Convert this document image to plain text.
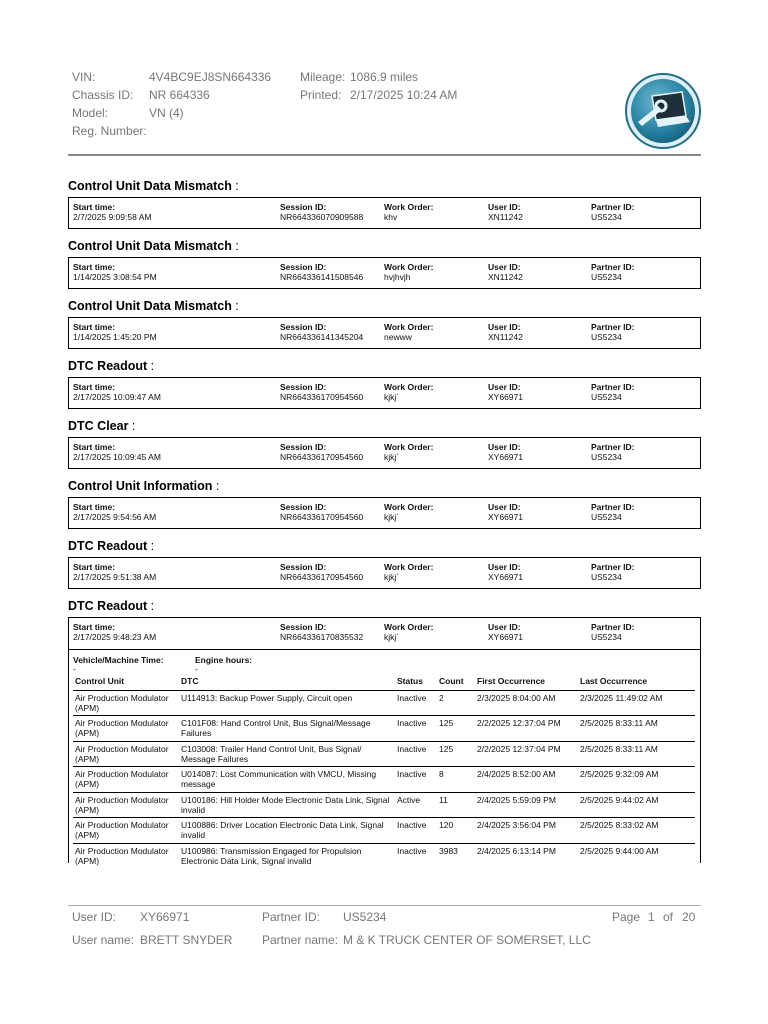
VIN:	4V4BC9EJ8SN664336 Mileage: 1086.9 miles
Chassis ID: NR 664336	Printed: 2/17/2025 10:24 AM
Model:	VN (4)
Reg. Number:
Control Unit Data Mismatch :
Start time:
2/7/2025 9:09:58 AM
Session ID:
NR664336070909588
Work Order:
khv
User ID:
XN11242
Partner ID:
US5234
Control Unit Data Mismatch :
Start time:
1/14/2025 3:08:54 PM
Session ID:
NR664336141508546
Work Order:
hvjhvjh
User ID:
XN11242
Partner ID:
US5234
Control Unit Data Mismatch :
Start time:
1/14/2025 1:45:20 PM
Session ID:
NR664336141345204
Work Order:
newww
User ID:
XN11242
Partner ID:
US5234
DTC Readout :
Start time:
2/17/2025 10:09:47 AM
Session ID:
NR664336170954560
Work Order:
kjkj`
User ID:
XY66971
Partner ID:
US5234
DTC Clear :
Start time:
2/17/2025 10:09:45 AM
Session ID:
NR664336170954560
Work Order:
kjkj`
User ID:
XY66971
Partner ID:
US5234
Control Unit Information :
Start time:
2/17/2025 9:54:56 AM
Session ID:
NR664336170954560
Work Order:
kjkj`
User ID:
XY66971
Partner ID:
US5234
DTC Readout :
Start time:
2/17/2025 9:51:38 AM
Session ID:
NR664336170954560
Work Order:
kjkj`
User ID:
XY66971
Partner ID:
US5234
DTC Readout :
Start time:
2/17/2025 9:48:23 AM
Session ID:
NR664336170835532
Work Order:
kjkj`
User ID:
XY66971
Partner ID:
US5234
Vehicle/Machine Time:
-
Engine hours:
-
Control Unit	DTC	Status	Count	First Occurrence	Last Occurrence
Air Production Modulator (APM)	U114913: Backup Power Supply, Circuit open	Inactive	2	2/3/2025 8:04:00 AM	2/3/2025 11:49:02 AM
Air Production Modulator (APM)	C101F08: Hand Control Unit, Bus Signal/Message Failures	Inactive	125	2/2/2025 12:37:04 PM	2/5/2025 8:33:11 AM
Air Production Modulator (APM)	C103008: Trailer Hand Control Unit, Bus Signal/ Message Failures	Inactive	125	2/2/2025 12:37:04 PM	2/5/2025 8:33:11 AM
Air Production Modulator (APM)	U014087: Lost Communication with VMCU, Missing message	Inactive	8	2/4/2025 8:52:00 AM	2/5/2025 9:32:09 AM
Air Production Modulator (APM)	U100186: Hill Holder Mode Electronic Data Link, Signal invalid	Active	11	2/4/2025 5:59:09 PM	2/5/2025 9:44:02 AM
Air Production Modulator (APM)	U100886: Driver Location Electronic Data Link, Signal invalid	Inactive	120	2/4/2025 3:56:04 PM	2/5/2025 8:33:02 AM
Air Production Modulator (APM)	U100986: Transmission Engaged for Propulsion Electronic Data Link, Signal invalid	Inactive	3983	2/4/2025 6:13:14 PM	2/5/2025 9:44:00 AM
User ID: XY66971	Partner ID: US5234	Page 1 of 20
User name: BRETT SNYDER Partner name: M & K TRUCK CENTER OF SOMERSET, LLC
